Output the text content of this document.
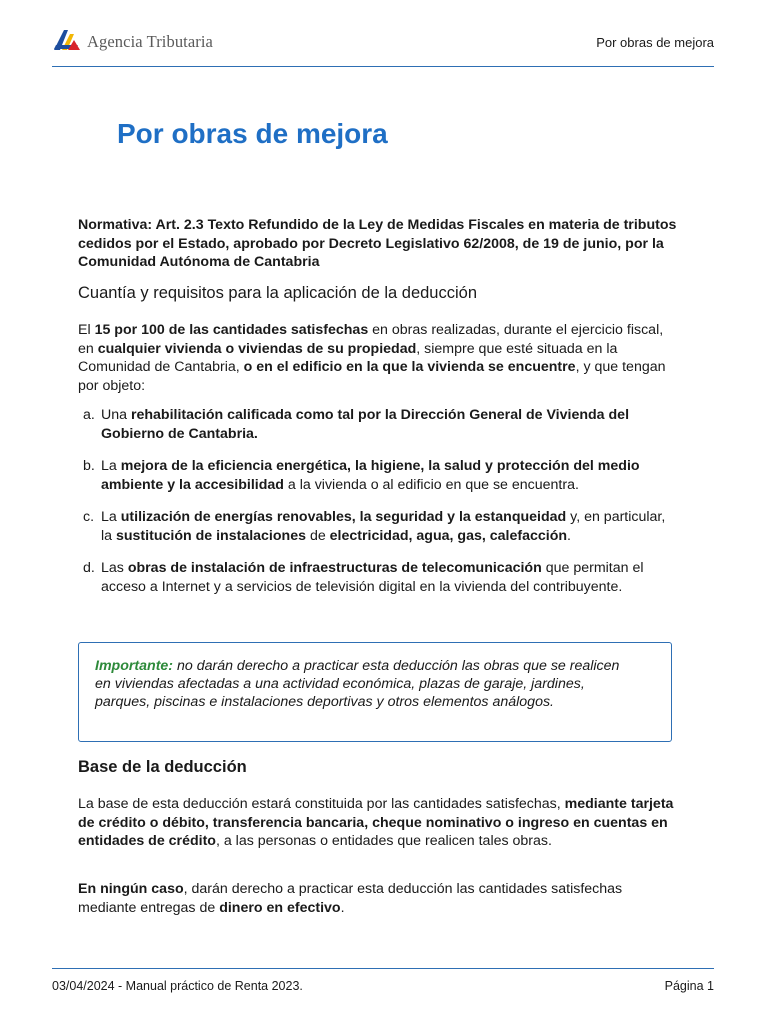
Agencia Tributaria	Por obras de mejora
Por obras de mejora

Normativa: Art. 2.3 Texto Refundido de la Ley de Medidas Fiscales en materia de tributos cedidos por el Estado, aprobado por Decreto Legislativo 62/2008, de 19 de junio, por la Comunidad Autónoma de Cantabria

Cuantía y requisitos para la aplicación de la deducción

El 15 por 100 de las cantidades satisfechas en obras realizadas, durante el ejercicio fiscal, en cualquier vivienda o viviendas de su propiedad, siempre que esté situada en la Comunidad de Cantabria, o en el edificio en la que la vivienda se encuentre, y que tengan por objeto:

a. Una rehabilitación calificada como tal por la Dirección General de Vivienda del Gobierno de Cantabria.
b. La mejora de la eficiencia energética, la higiene, la salud y protección del medio ambiente y la accesibilidad a la vivienda o al edificio en que se encuentra.
c. La utilización de energías renovables, la seguridad y la estanqueidad y, en particular, la sustitución de instalaciones de electricidad, agua, gas, calefacción.
d. Las obras de instalación de infraestructuras de telecomunicación que permitan el acceso a Internet y a servicios de televisión digital en la vivienda del contribuyente.

Importante: no darán derecho a practicar esta deducción las obras que se realicen en viviendas afectadas a una actividad económica, plazas de garaje, jardines, parques, piscinas e instalaciones deportivas y otros elementos análogos.

Base de la deducción

La base de esta deducción estará constituida por las cantidades satisfechas, mediante tarjeta de crédito o débito, transferencia bancaria, cheque nominativo o ingreso en cuentas en entidades de crédito, a las personas o entidades que realicen tales obras.

En ningún caso, darán derecho a practicar esta deducción las cantidades satisfechas mediante entregas de dinero en efectivo.

03/04/2024 - Manual práctico de Renta 2023.	Página 1
